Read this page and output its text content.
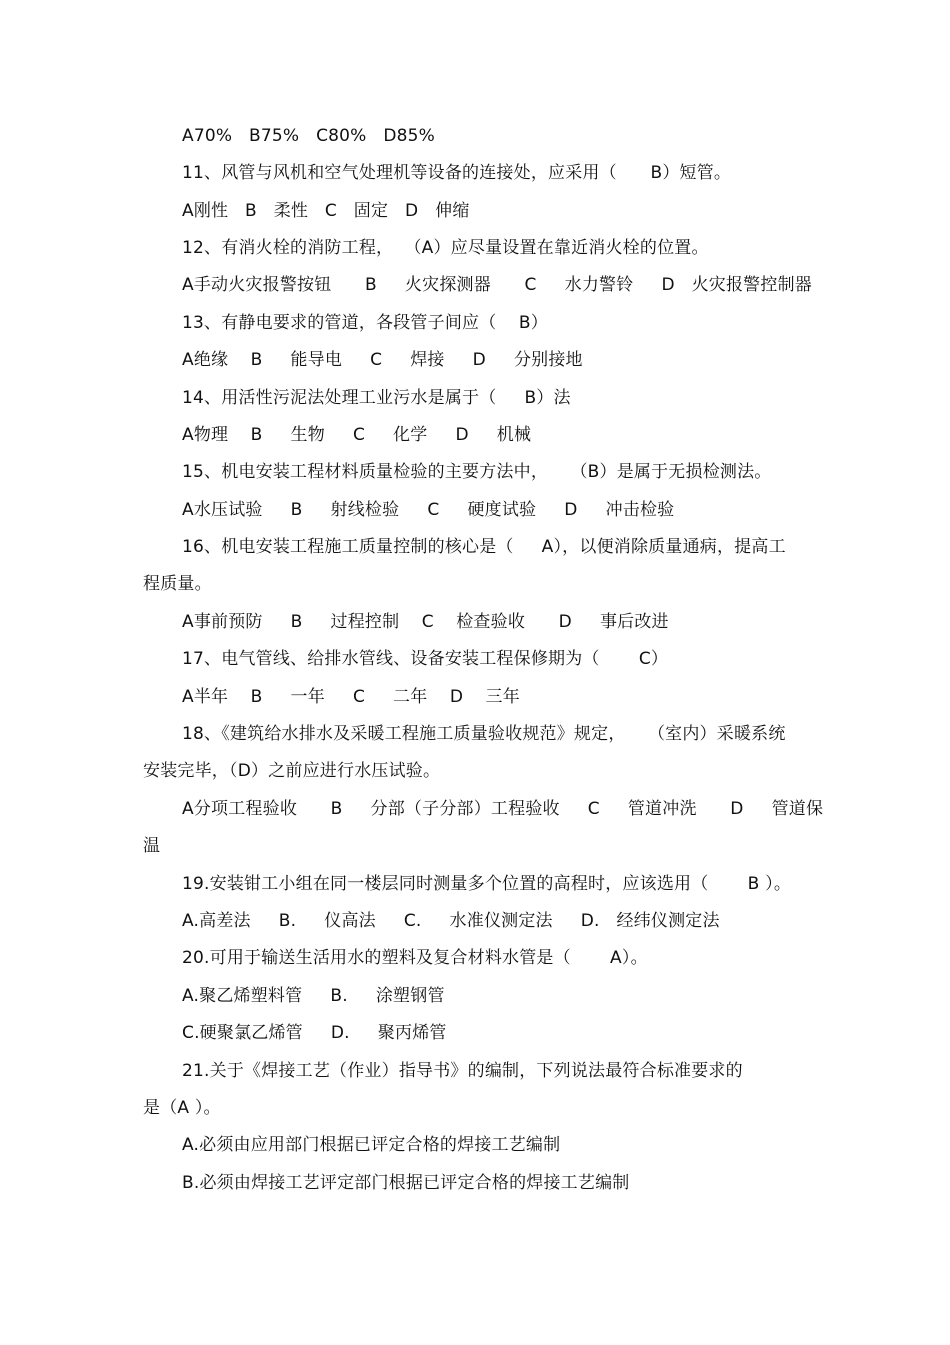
A70%   B75%   C80%   D85%
11、风管与风机和空气处理机等设备的连接处，应采用（      B）短管。
A刚性   B   柔性   C   固定   D   伸缩
12、有消火栓的消防工程，  （A）应尽量设置在靠近消火栓的位置。
A手动火灾报警按钮      B     火灾探测器      C     水力警铃     D   火灾报警控制器
13、有静电要求的管道，各段管子间应（    B）
A绝缘    B     能导电     C     焊接     D     分别接地
14、用活性污泥法处理工业污水是属于（     B）法
A物理    B     生物     C     化学     D     机械
15、机电安装工程材料质量检验的主要方法中，    （B）是属于无损检测法。
A水压试验     B     射线检验     C     硬度试验     D     冲击检验
16、机电安装工程施工质量控制的核心是（     A），以便消除质量通病，提高工
程质量。
A事前预防     B     过程控制    C    检查验收      D     事后改进
17、电气管线、给排水管线、设备安装工程保修期为（       C）
A半年    B     一年     C     二年    D    三年
18、《建筑给水排水及采暖工程施工质量验收规范》规定，    （室内）采暖系统
安装完毕，（D）之前应进行水压试验。
A分项工程验收      B     分部（子分部）工程验收     C     管道冲洗      D     管道保
温
19.安装钳工小组在同一楼层同时测量多个位置的高程时，应该选用（       B ）。
A.高差法     B.     仪高法     C.     水准仪测定法     D.   经纬仪测定法
20.可用于输送生活用水的塑料及复合材料水管是（       A）。
A.聚乙烯塑料管     B.     涂塑钢管
C.硬聚氯乙烯管     D.     聚丙烯管
21.关于《焊接工艺（作业）指导书》的编制，下列说法最符合标准要求的
是（A ）。
A.必须由应用部门根据已评定合格的焊接工艺编制
B.必须由焊接工艺评定部门根据已评定合格的焊接工艺编制
